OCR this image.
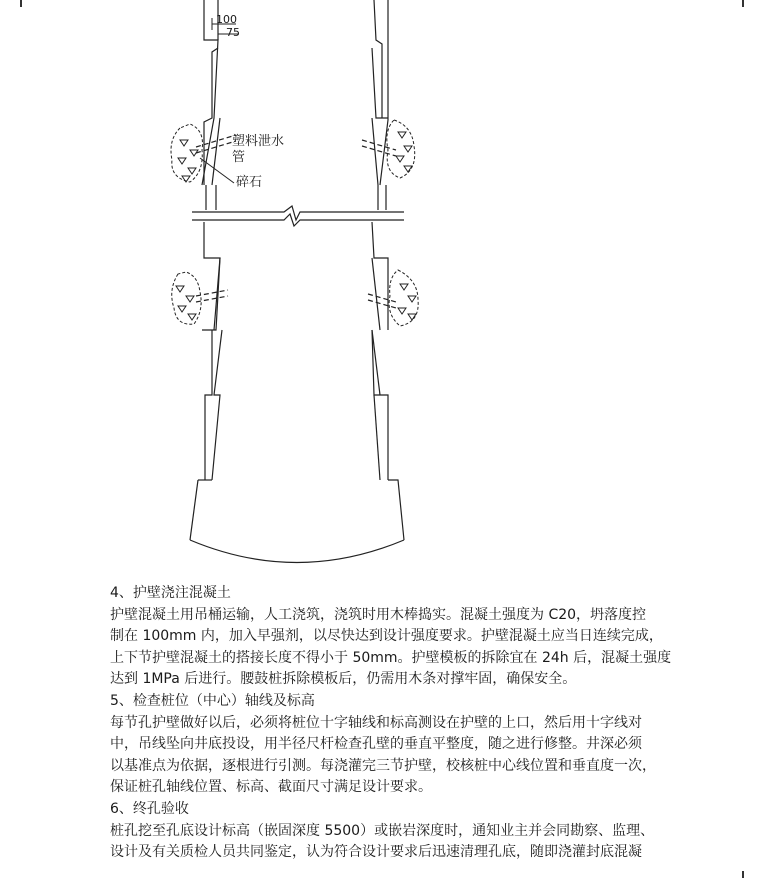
100
75
塑料泄水
管
碎石

4、护壁浇注混凝土

护壁混凝土用吊桶运输，人工浇筑，浇筑时用木棒捣实。混凝土强度为 C20，坍落度控

制在 100mm 内，加入早强剂，以尽快达到设计强度要求。护壁混凝土应当日连续完成，

上下节护壁混凝土的搭接长度不得小于 50mm。护壁模板的拆除宜在 24h 后，混凝土强度

达到 1MPa 后进行。腰鼓桩拆除模板后，仍需用木条对撑牢固，确保安全。

5、检查桩位（中心）轴线及标高

每节孔护壁做好以后，必须将桩位十字轴线和标高测设在护壁的上口，然后用十字线对

中，吊线坠向井底投设，用半径尺杆检查孔壁的垂直平整度，随之进行修整。井深必须

以基准点为依据，逐根进行引测。每浇灌完三节护壁，校核桩中心线位置和垂直度一次，

保证桩孔轴线位置、标高、截面尺寸满足设计要求。

6、终孔验收

桩孔挖至孔底设计标高（嵌固深度 5500）或嵌岩深度时，通知业主并会同勘察、监理、

设计及有关质检人员共同鉴定，认为符合设计要求后迅速清理孔底，随即浇灌封底混凝
